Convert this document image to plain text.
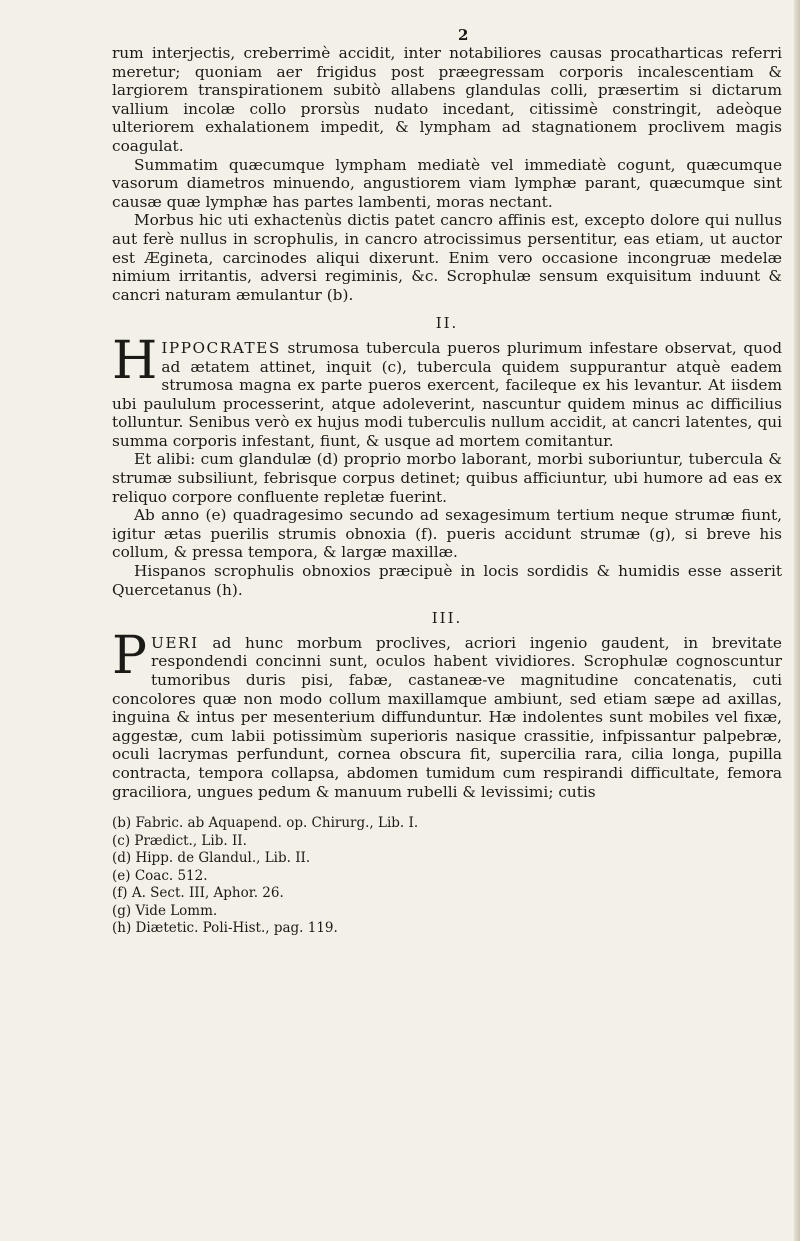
2

rum interjectis, creberrimè accidit, inter notabiliores causas procatharticas referri meretur; quoniam aer frigidus post præegressam corporis incalescentiam & largiorem transpirationem subitò allabens glandulas colli, præsertim si dictarum vallium incolæ collo prorsùs nudato incedant, citissimè constringit, adeòque ulteriorem exhalationem impedit, & lympham ad stagnationem proclivem magis coagulat.

Summatim quæcumque lympham mediatè vel immediatè cogunt, quæcumque vasorum diametros minuendo, angustiorem viam lymphæ parant, quæcumque sint causæ quæ lymphæ has partes lambenti, moras nectant.

Morbus hic uti exhactenùs dictis patet cancro affinis est, excepto dolore qui nullus aut ferè nullus in scrophulis, in cancro atrocissimus persentitur, eas etiam, ut auctor est Ægineta, carcinodes aliqui dixerunt. Enim vero occasione incongruæ medelæ nimium irritantis, adversi regiminis, &c. Scrophulæ sensum exquisitum induunt & cancri naturam æmulantur (b).

II.

HIPPOCRATES strumosa tubercula pueros plurimum infestare observat, quod ad ætatem attinet, inquit (c), tubercula quidem suppurantur atquè eadem strumosa magna ex parte pueros exercent, facileque ex his levantur. At iisdem ubi paululum processerint, atque adoleverint, nascuntur quidem minus ac difficilius tolluntur. Senibus verò ex hujus modi tuberculis nullum accidit, at cancri latentes, qui summa corporis infestant, fiunt, & usque ad mortem comitantur.

Et alibi: cum glandulæ (d) proprio morbo laborant, morbi suboriuntur, tubercula & strumæ subsiliunt, febrisque corpus detinet; quibus afficiuntur, ubi humore ad eas ex reliquo corpore confluente repletæ fuerint.

Ab anno (e) quadragesimo secundo ad sexagesimum tertium neque strumæ fiunt, igitur ætas puerilis strumis obnoxia (f). pueris accidunt strumæ (g), si breve his collum, & pressa tempora, & largæ maxillæ.

Hispanos scrophulis obnoxios præcipuè in locis sordidis & humidis esse asserit Quercetanus (h).

III.

PUERI ad hunc morbum proclives, acriori ingenio gaudent, in brevitate respondendi concinni sunt, oculos habent vividiores. Scrophulæ cognoscuntur tumoribus duris pisi, fabæ, castaneæ-ve magnitudine concatenatis, cuti concolores quæ non modo collum maxillamque ambiunt, sed etiam sæpe ad axillas, inguina & intus per mesenterium diffunduntur. Hæ indolentes sunt mobiles vel fixæ, aggestæ, cum labii potissimùm superioris nasique crassitie, infpissantur palpebræ, oculi lacrymas perfundunt, cornea obscura fit, supercilia rara, cilia longa, pupilla contracta, tempora collapsa, abdomen tumidum cum respirandi difficultate, femora graciliora, ungues pedum & manuum rubelli & levissimi; cutis

(b) Fabric. ab Aquapend. op. Chirurg., Lib. I.
(c) Prædict., Lib. II.
(d) Hipp. de Glandul., Lib. II.
(e) Coac. 512.
(f) A. Sect. III, Aphor. 26.
(g) Vide Lomm.
(h) Diætetic. Poli-Hist., pag. 119.
